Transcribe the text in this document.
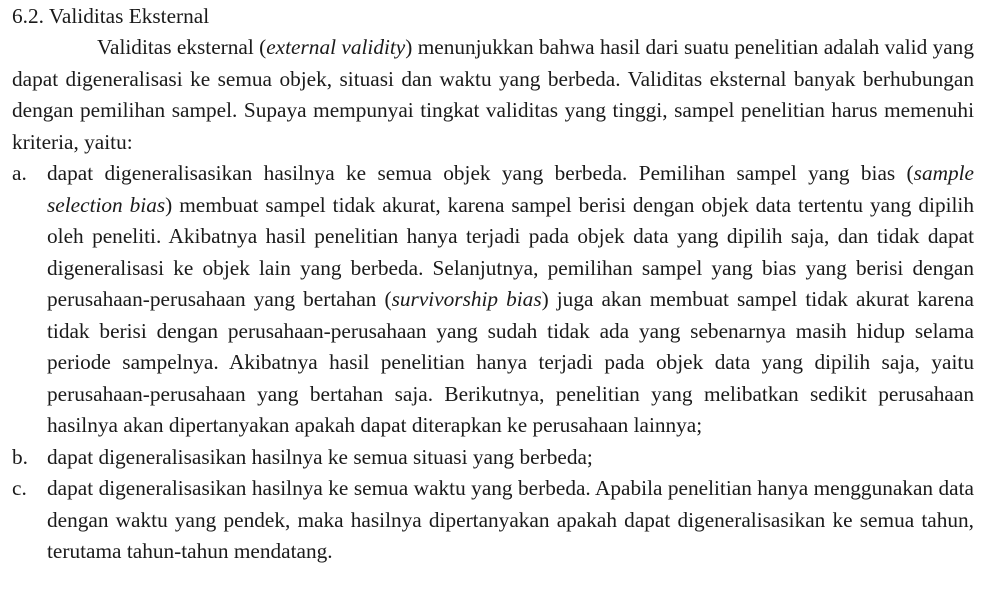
6.2. Validitas Eksternal

Validitas eksternal (external validity) menunjukkan bahwa hasil dari suatu penelitian adalah valid yang dapat digeneralisasi ke semua objek, situasi dan waktu yang berbeda. Validitas eksternal banyak berhubungan dengan pemilihan sampel. Supaya mempunyai tingkat validitas yang tinggi, sampel penelitian harus memenuhi kriteria, yaitu:

a. dapat digeneralisasikan hasilnya ke semua objek yang berbeda. Pemilihan sampel yang bias (sample selection bias) membuat sampel tidak akurat, karena sampel berisi dengan objek data tertentu yang dipilih oleh peneliti. Akibatnya hasil penelitian hanya terjadi pada objek data yang dipilih saja, dan tidak dapat digeneralisasi ke objek lain yang berbeda. Selanjutnya, pemilihan sampel yang bias yang berisi dengan perusahaan-perusahaan yang bertahan (survivorship bias) juga akan membuat sampel tidak akurat karena tidak berisi dengan perusahaan-perusahaan yang sudah tidak ada yang sebenarnya masih hidup selama periode sampelnya. Akibatnya hasil penelitian hanya terjadi pada objek data yang dipilih saja, yaitu perusahaan-perusahaan yang bertahan saja. Berikutnya, penelitian yang melibatkan sedikit perusahaan hasilnya akan dipertanyakan apakah dapat diterapkan ke perusahaan lainnya;
b. dapat digeneralisasikan hasilnya ke semua situasi yang berbeda;
c. dapat digeneralisasikan hasilnya ke semua waktu yang berbeda. Apabila penelitian hanya menggunakan data dengan waktu yang pendek, maka hasilnya dipertanyakan apakah dapat digeneralisasikan ke semua tahun, terutama tahun-tahun mendatang.
